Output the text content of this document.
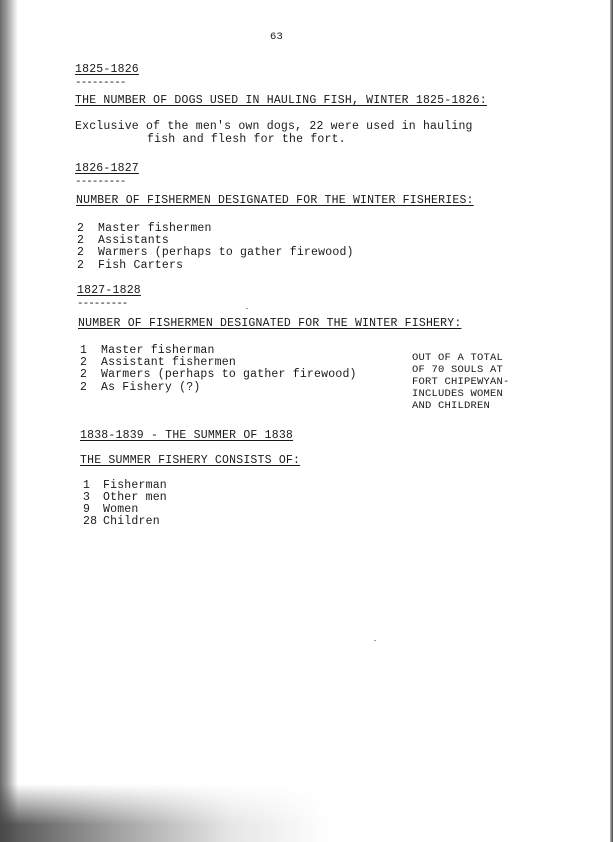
63
1825-1826
---------
THE NUMBER OF DOGS USED IN HAULING FISH, WINTER 1825-1826:
Exclusive of the men's own dogs, 22 were used in hauling
fish and flesh for the fort.
1826-1827
---------
NUMBER OF FISHERMEN DESIGNATED FOR THE WINTER FISHERIES:
2 Master fishermen
2 Assistants
2 Warmers (perhaps to gather firewood)
2 Fish Carters
1827-1828
---------
NUMBER OF FISHERMEN DESIGNATED FOR THE WINTER FISHERY:
1 Master fisherman
2 Assistant fishermen
2 Warmers (perhaps to gather firewood)
2 As Fishery (?)
OUT OF A TOTAL
OF 70 SOULS AT
FORT CHIPEWYAN-
INCLUDES WOMEN
AND CHILDREN
1838-1839 - THE SUMMER OF 1838
THE SUMMER FISHERY CONSISTS OF:
1 Fisherman
3 Other men
9 Women
28 Children
